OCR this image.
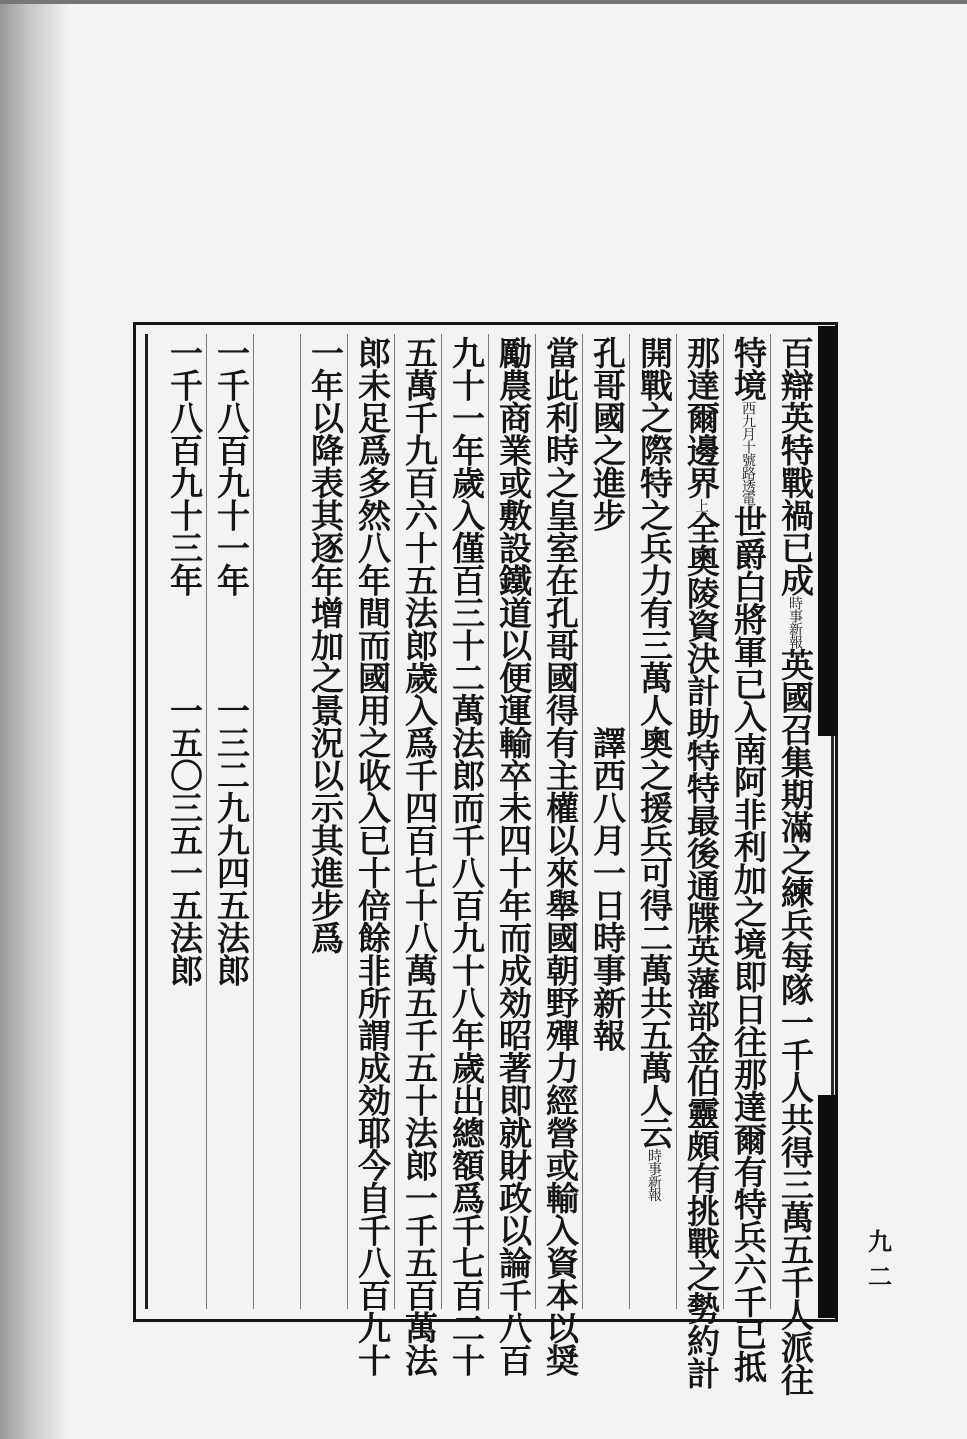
百辯英特戰禍已成時事新報英國召集期滿之練兵每隊一千人共得三萬五千人派往
特境西九月十號路透電世爵白將軍已入南阿非利加之境即日往那達爾有特兵六千已抵
那達爾邊界上全奧陵資決計助特特最後通牒英藩部金伯靈頗有挑戰之勢約計
開戰之際特之兵力有三萬人奧之援兵可得二萬共五萬人云時事新報
孔哥國之進步　　　　　　譯西八月一日時事新報
當此利時之皇室在孔哥國得有主權以來舉國朝野殫力經營或輸入資本以奨
勵農商業或敷設鐵道以便運輸卒未四十年而成効昭著即就財政以論千八百
九十一年歲入僅百三十二萬法郎而千八百九十八年歲出總額爲千七百二十
五萬千九百六十五法郎歲入爲千四百七十八萬五千五十法郎一千五百萬法
郎未足爲多然八年間而國用之收入已十倍餘非所謂成効耶今自千八百九十
一年以降表其逐年增加之景況以示其進步爲
一千八百九十一年　　　一三二九九四五法郎
一千八百九十三年　　　一五〇三五一五法郎
九二
